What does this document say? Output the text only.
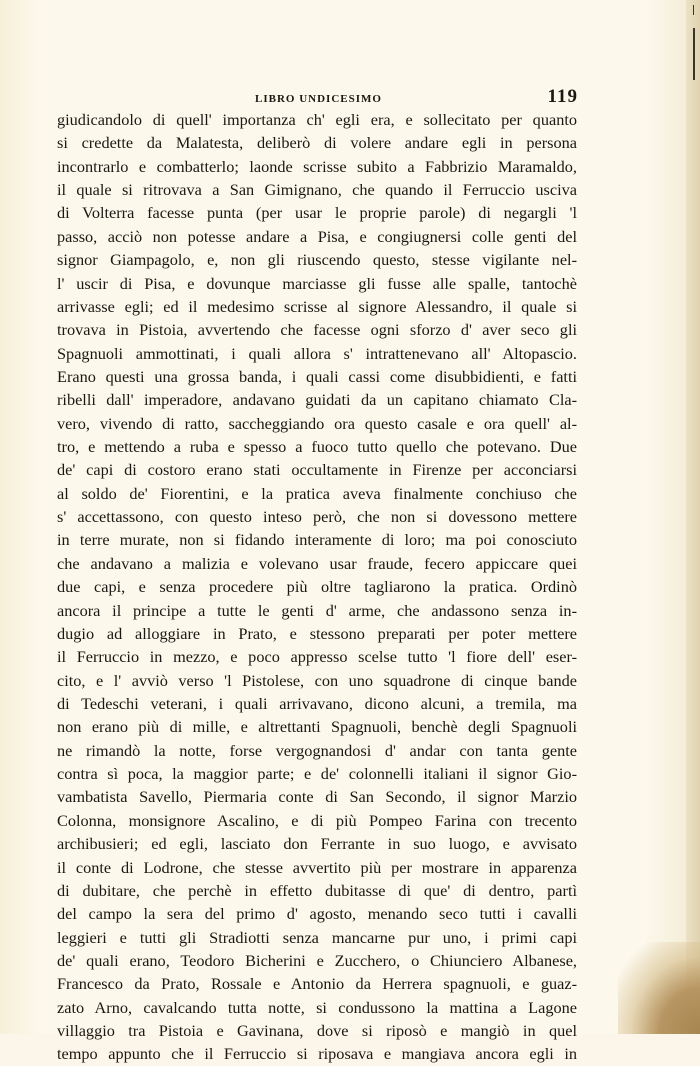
LIBRO UNDICESIMO	119
giudicandolo di quell' importanza ch' egli era, e sollecitato per quanto
si credette da Malatesta, deliberò di volere andare egli in persona
incontrarlo e combatterlo; laonde scrisse subito a Fabbrizio Maramaldo,
il quale si ritrovava a San Gimignano, che quando il Ferruccio usciva
di Volterra facesse punta (per usar le proprie parole) di negargli 'l
passo, acciò non potesse andare a Pisa, e congiugnersi colle genti del
signor Giampagolo, e, non gli riuscendo questo, stesse vigilante nel-
l' uscir di Pisa, e dovunque marciasse gli fusse alle spalle, tantochè
arrivasse egli; ed il medesimo scrisse al signore Alessandro, il quale si
trovava in Pistoia, avvertendo che facesse ogni sforzo d' aver seco gli
Spagnuoli ammottinati, i quali allora s' intrattenevano all' Altopascio.
Erano questi una grossa banda, i quali cassi come disubbidienti, e fatti
ribelli dall' imperadore, andavano guidati da un capitano chiamato Cla-
vero, vivendo di ratto, saccheggiando ora questo casale e ora quell' al-
tro, e mettendo a ruba e spesso a fuoco tutto quello che potevano. Due
de' capi di costoro erano stati occultamente in Firenze per acconciarsi
al soldo de' Fiorentini, e la pratica aveva finalmente conchiuso che
s' accettassono, con questo inteso però, che non si dovessono mettere
in terre murate, non si fidando interamente di loro; ma poi conosciuto
che andavano a malizia e volevano usar fraude, fecero appiccare quei
due capi, e senza procedere più oltre tagliarono la pratica. Ordinò
ancora il principe a tutte le genti d' arme, che andassono senza in-
dugio ad alloggiare in Prato, e stessono preparati per poter mettere
il Ferruccio in mezzo, e poco appresso scelse tutto 'l fiore dell' eser-
cito, e l' avviò verso 'l Pistolese, con uno squadrone di cinque bande
di Tedeschi veterani, i quali arrivavano, dicono alcuni, a tremila, ma
non erano più di mille, e altrettanti Spagnuoli, benchè degli Spagnuoli
ne rimandò la notte, forse vergognandosi d' andar con tanta gente
contra sì poca, la maggior parte; e de' colonnelli italiani il signor Gio-
vambatista Savello, Piermaria conte di San Secondo, il signor Marzio
Colonna, monsignore Ascalino, e di più Pompeo Farina con trecento
archibusieri; ed egli, lasciato don Ferrante in suo luogo, e avvisato
il conte di Lodrone, che stesse avvertito più per mostrare in apparenza
di dubitare, che perchè in effetto dubitasse di que' di dentro, partì
del campo la sera del primo d' agosto, menando seco tutti i cavalli
leggieri e tutti gli Stradiotti senza mancarne pur uno, i primi capi
de' quali erano, Teodoro Bicherini e Zucchero, o Chiunciero Albanese,
Francesco da Prato, Rossale e Antonio da Herrera spagnuoli, e guaz-
zato Arno, cavalcando tutta notte, si condussono la mattina a Lagone
villaggio tra Pistoia e Gavinana, dove si riposò e mangiò in quel
tempo appunto che il Ferruccio si riposava e mangiava ancora egli in
